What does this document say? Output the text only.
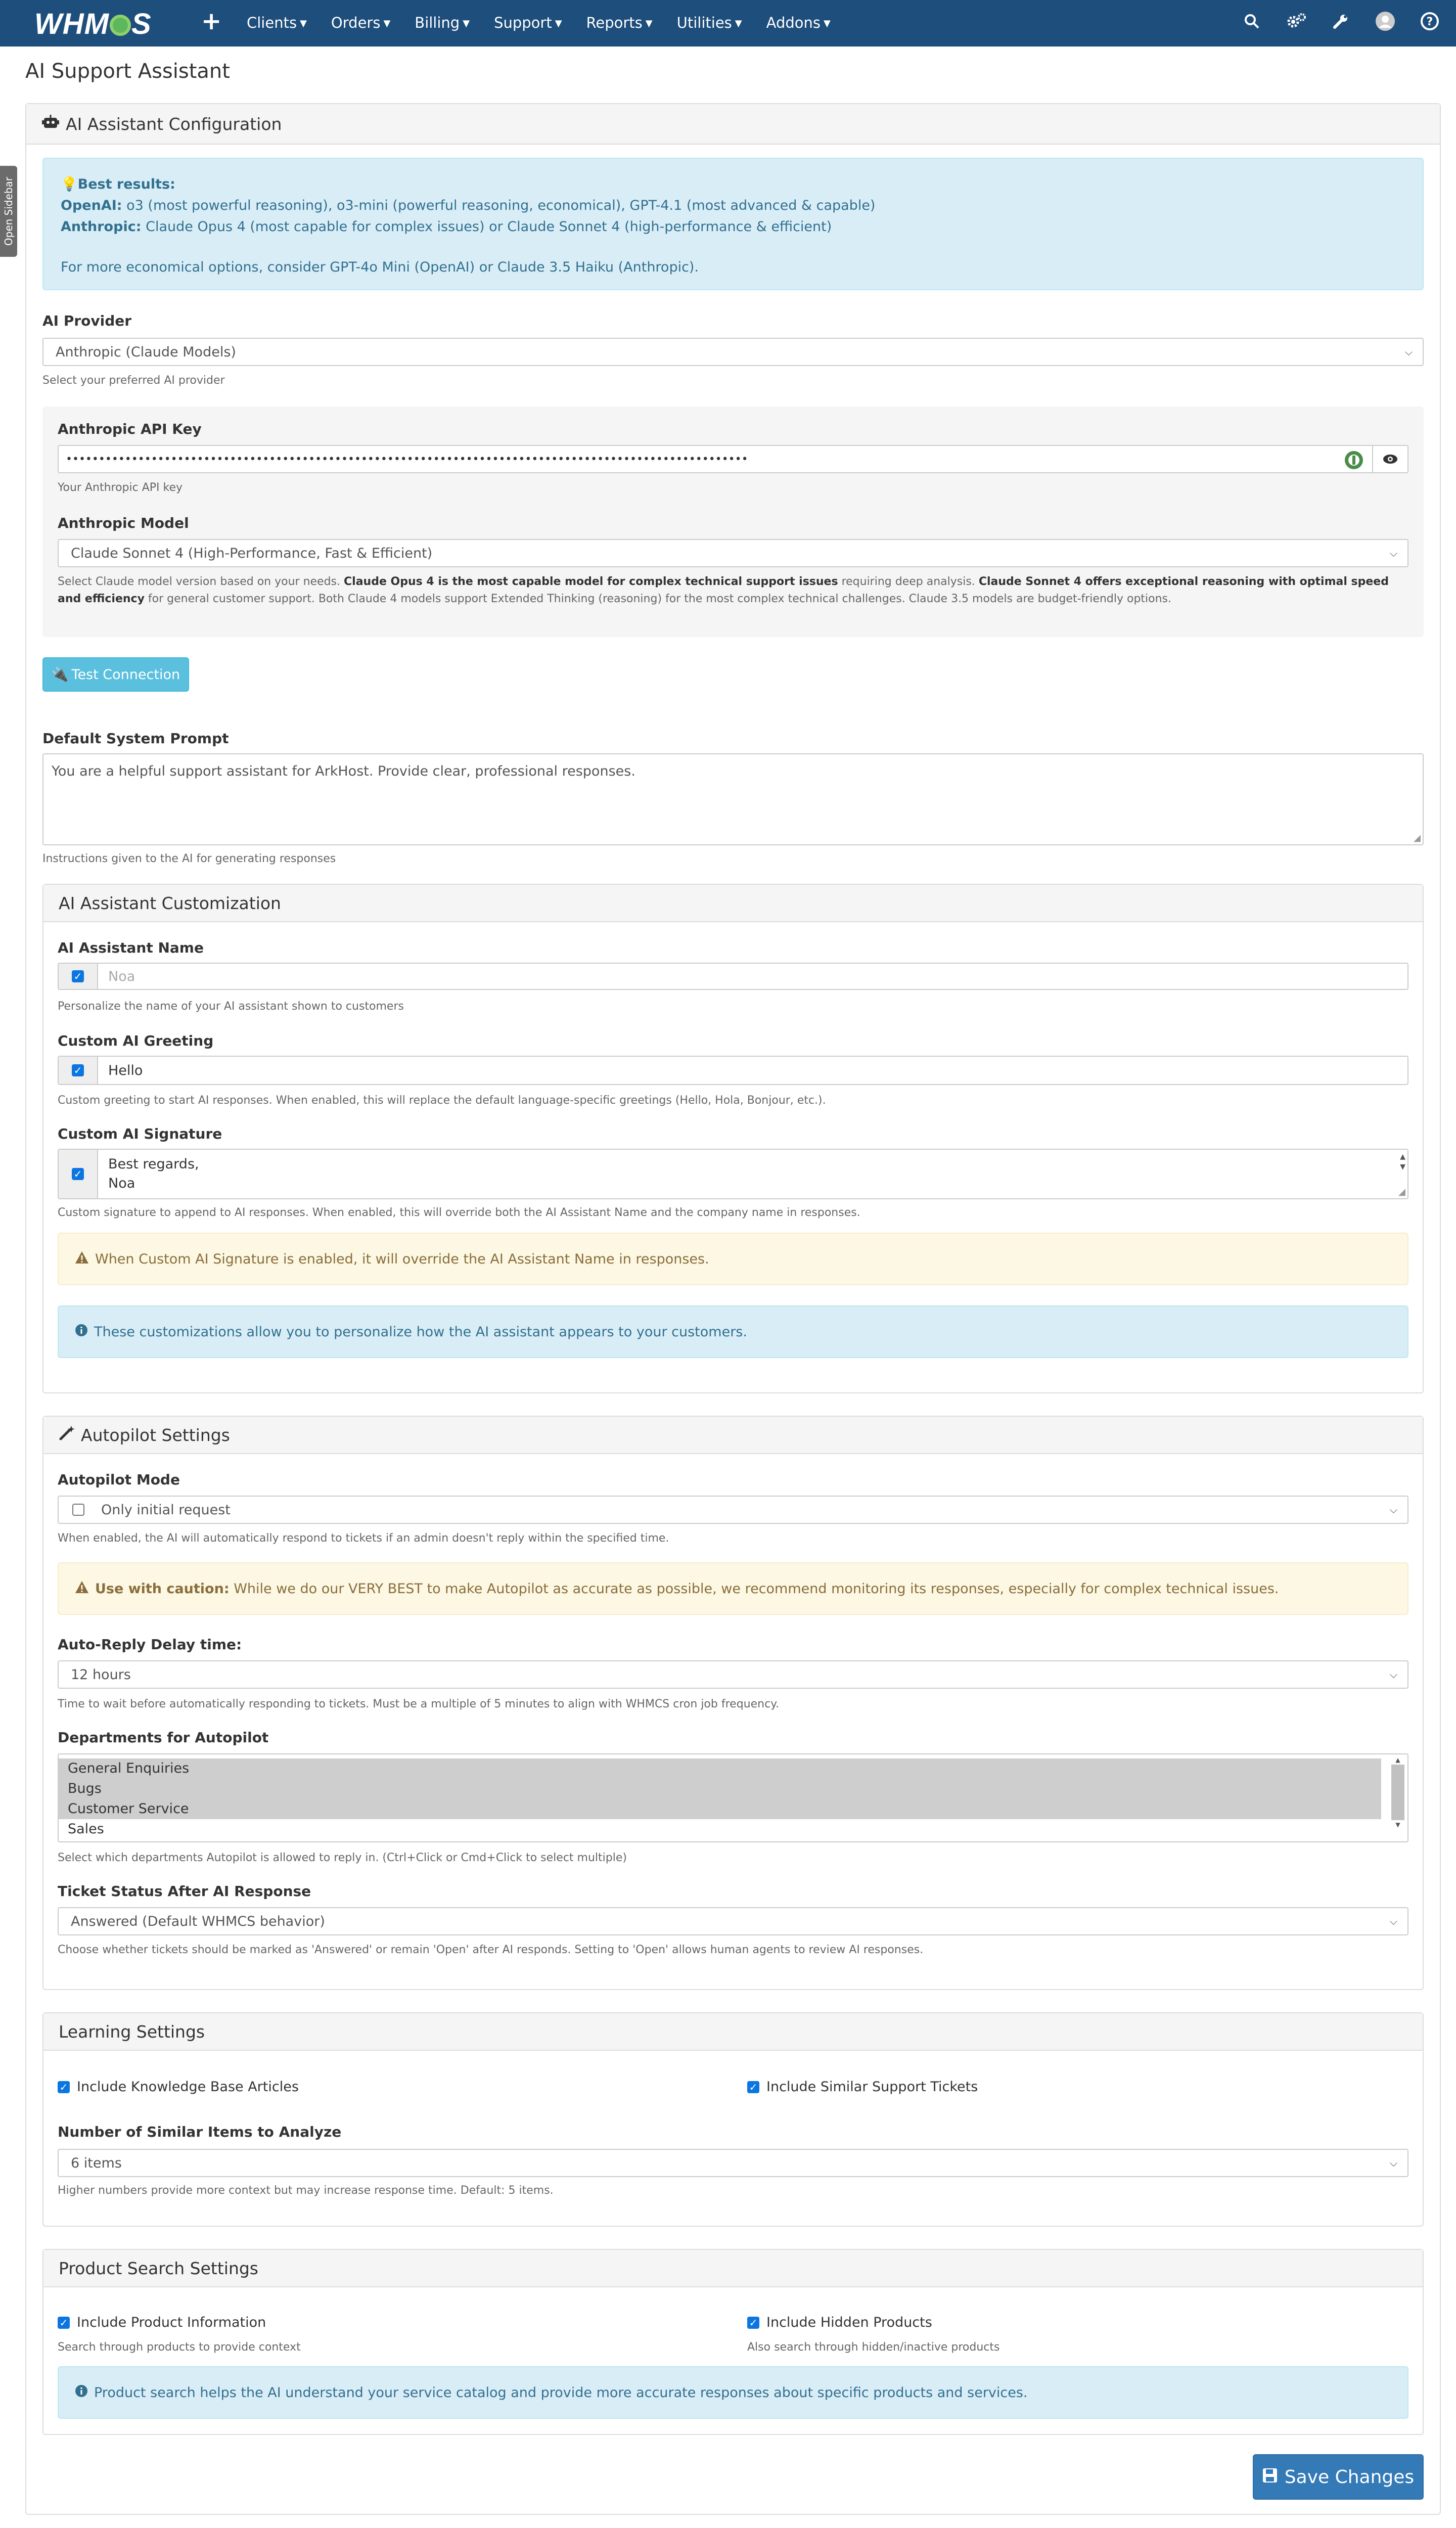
WHM S + Clients ▼ Orders ▼ Billing ▼ Support ▼ Reports ▼ Utilities ▼ Addons ▼	?
AI Support Assistant
Open Sidebar
AI Assistant Configuration
💡Best results:
OpenAI: o3 (most powerful reasoning), o3-mini (powerful reasoning, economical), GPT-4.1 (most advanced & capable)
Anthropic: Claude Opus 4 (most capable for complex issues) or Claude Sonnet 4 (high-performance & efficient)
For more economical options, consider GPT-4o Mini (OpenAI) or Claude 3.5 Haiku (Anthropic).
AI Provider
Anthropic (Claude Models)	⌵
Select your preferred AI provider
Anthropic API Key
••••••••••••••••••••••••••••••••••••••••••••••••••••••••••••••••••••••••••••••••••••••••••••••••••••••••
Your Anthropic API key
Anthropic Model
Claude Sonnet 4 (High-Performance, Fast & Efficient)	⌵
Select Claude model version based on your needs. Claude Opus 4 is the most capable model for complex technical support issues requiring deep analysis. Claude Sonnet 4 offers exceptional reasoning with optimal speed and efficiency for general customer support. Both Claude 4 models support Extended Thinking (reasoning) for the most complex technical challenges. Claude 3.5 models are budget-friendly options.
🔌 Test Connection
Default System Prompt
You are a helpful support assistant for ArkHost. Provide clear, professional responses.
◢
Instructions given to the AI for generating responses
AI Assistant Customization
AI Assistant Name
✓ Noa
Personalize the name of your AI assistant shown to customers
Custom AI Greeting
✓ Hello
Custom greeting to start AI responses. When enabled, this will replace the default language-specific greetings (Hello, Hola, Bonjour, etc.).
Custom AI Signature
✓
Best regards,
Noa
▲
▼
◢
Custom signature to append to AI responses. When enabled, this will override both the AI Assistant Name and the company name in responses.
When Custom AI Signature is enabled, it will override the AI Assistant Name in responses.
These customizations allow you to personalize how the AI assistant appears to your customers.
Autopilot Settings
Autopilot Mode
Only initial request	⌵
When enabled, the AI will automatically respond to tickets if an admin doesn't reply within the specified time.
Use with caution:
While we do our VERY BEST to make Autopilot as accurate as possible, we recommend monitoring its responses, especially for complex technical issues.
Auto-Reply Delay time:
12 hours	⌵
Time to wait before automatically responding to tickets. Must be a multiple of 5 minutes to align with WHMCS cron job frequency.
Departments for Autopilot
General Enquiries
Bugs
Customer Service
Sales
▲
▼
Select which departments Autopilot is allowed to reply in. (Ctrl+Click or Cmd+Click to select multiple)
Ticket Status After AI Response
Answered (Default WHMCS behavior)	⌵
Choose whether tickets should be marked as 'Answered' or remain 'Open' after AI responds. Setting to 'Open' allows human agents to review AI responses.
Learning Settings
✓ Include Knowledge Base Articles	✓ Include Similar Support Tickets
Number of Similar Items to Analyze
6 items	⌵
Higher numbers provide more context but may increase response time. Default: 5 items.
Product Search Settings
✓ Include Product Information
Search through products to provide context
✓ Include Hidden Products
Also search through hidden/inactive products
Product search helps the AI understand your service catalog and provide more accurate responses about specific products and services.
Save Changes
